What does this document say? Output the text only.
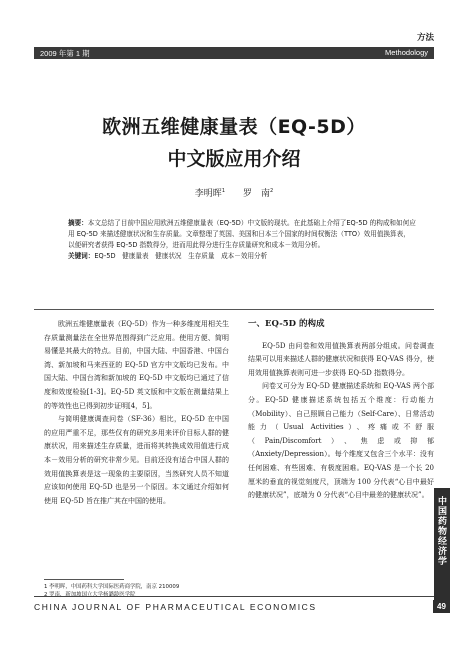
方法
2009 年第 1 期	Methodology
欧洲五维健康量表（EQ-5D）
中文版应用介绍
李明晖$^1$ 罗　南$^2$

摘要：本文总结了目前中国应用欧洲五维健康量表（EQ-5D）中文版的现状。在此基础上介绍了EQ-5D 的构成和如何应用 EQ-5D 来描述健康状况和生存质量。文章整理了英国、美国和日本三个国家的时间权衡法（TTO）效用值换算表，以便研究者获得 EQ-5D 指数得分，进而用此得分进行生存质量研究和成本－效用分析。

关键词：EQ-5D　健康量表　健康状况　生存质量　成本－效用分析

欧洲五维健康量表（EQ-5D）作为一种多维度用相关生存质量测量法在全世界范围得到广泛应用。使用方便、简明易懂是其最大的特点。目前，中国大陆、中国香港、中国台湾、新加坡和马来西亚的 EQ-5D 官方中文版均已发布。中国大陆、中国台湾和新加坡的 EQ-5D 中文版均已通过了信度和效度检验[1-3]。EQ-5D 英文版和中文版在测量结果上的等效性也已得到初步证明[4，5]。

与简明健康调查问卷（SF-36）相比，EQ-5D 在中国的应用严重不足，那些仅有的研究多用来评价目标人群的健康状况，用来描述生存质量，进而将其转换成效用值进行成本－效用分析的研究非常少见。目前还没有适合中国人群的效用值换算表是这一现象的主要原因，当然研究人员不知道应该如何使用 EQ-5D 也是另一个原因。本文通过介绍如何使用 EQ-5D 旨在推广其在中国的使用。

一、EQ-5D 的构成

EQ-5D 由问卷和效用值换算表两部分组成。问卷调查结果可以用来描述人群的健康状况和获得 EQ-VAS 得分，使用效用值换算表则可进一步获得 EQ-5D 指数得分。

问卷又可分为 EQ-5D 健康描述系统和 EQ-VAS 两个部分。EQ-5D 健康描述系统包括五个维度：行动能力（Mobility）、自己照顾自己能力（Self-Care）、日常活动能力（Usual Activities）、疼痛或不舒服（Pain/Discomfort）、焦虑或抑郁（Anxiety/Depression）。每个维度又包含三个水平：没有任何困难、有些困难、有极度困难。EQ-VAS 是一个长 20 厘米的垂直的视觉刻度尺，顶端为 100 分代表“心目中最好的健康状况”，底端为 0 分代表“心目中最差的健康状况”。

1 李明晖，中国药科大学国际医药商学院，南京 210009
2 罗南，新加坡国立大学杨潞龄医学院
CHINA JOURNAL OF PHARMACEUTICAL ECONOMICS
中国药物经济学
49
